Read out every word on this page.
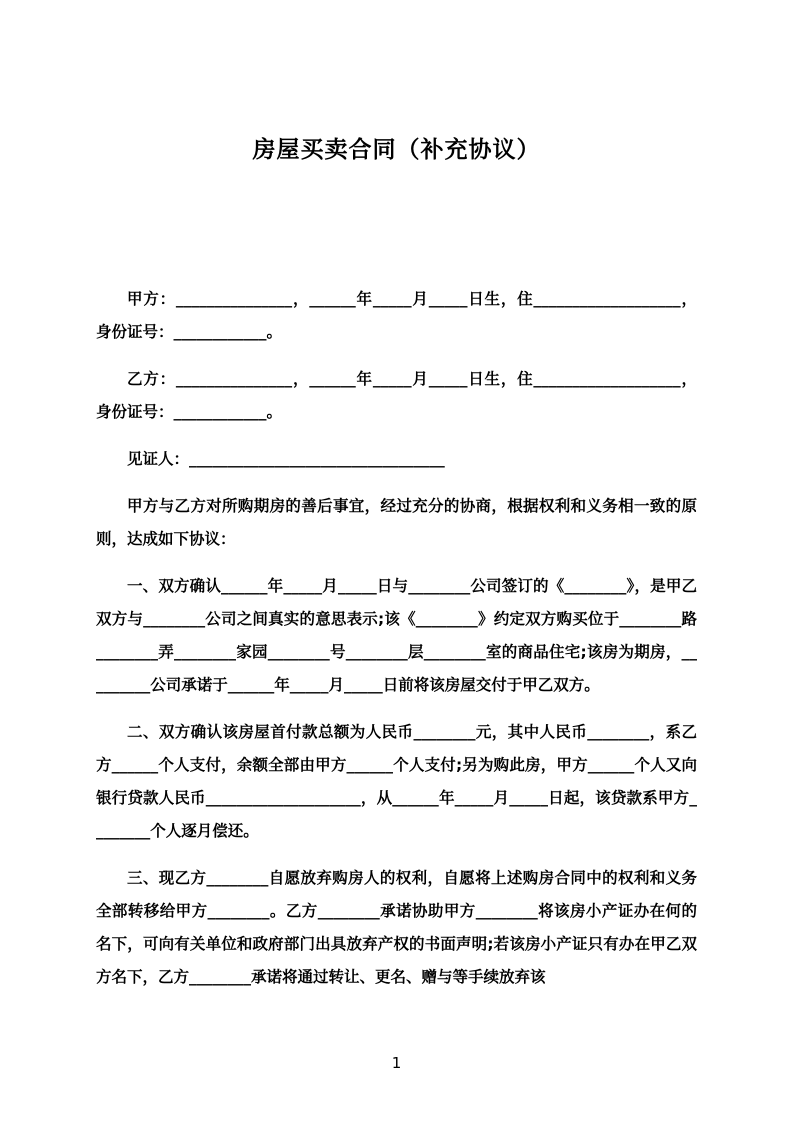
房屋买卖合同（补充协议）

甲方：_______________，______年_____月_____日生，住___________________，身份证号：____________。

乙方：_______________，______年_____月_____日生，住___________________，身份证号：____________。

见证人：_________________________________

甲方与乙方对所购期房的善后事宜，经过充分的协商，根据权利和义务相一致的原则，达成如下协议：

一、双方确认______年_____月_____日与________公司签订的《________》，是甲乙双方与________公司之间真实的意思表示;该《________》约定双方购买位于________路________弄________家园________号________层________室的商品住宅;该房为期房，_________公司承诺于______年_____月_____日前将该房屋交付于甲乙双方。

二、双方确认该房屋首付款总额为人民币________元，其中人民币________，系乙方______个人支付，余额全部由甲方______个人支付;另为购此房，甲方______个人又向银行贷款人民币____________________，从______年_____月_____日起，该贷款系甲方________个人逐月偿还。

三、现乙方________自愿放弃购房人的权利，自愿将上述购房合同中的权利和义务全部转移给甲方________。乙方________承诺协助甲方________将该房小产证办在何的名下，可向有关单位和政府部门出具放弃产权的书面声明;若该房小产证只有办在甲乙双方名下，乙方________承诺将通过转让、更名、赠与等手续放弃该

1
